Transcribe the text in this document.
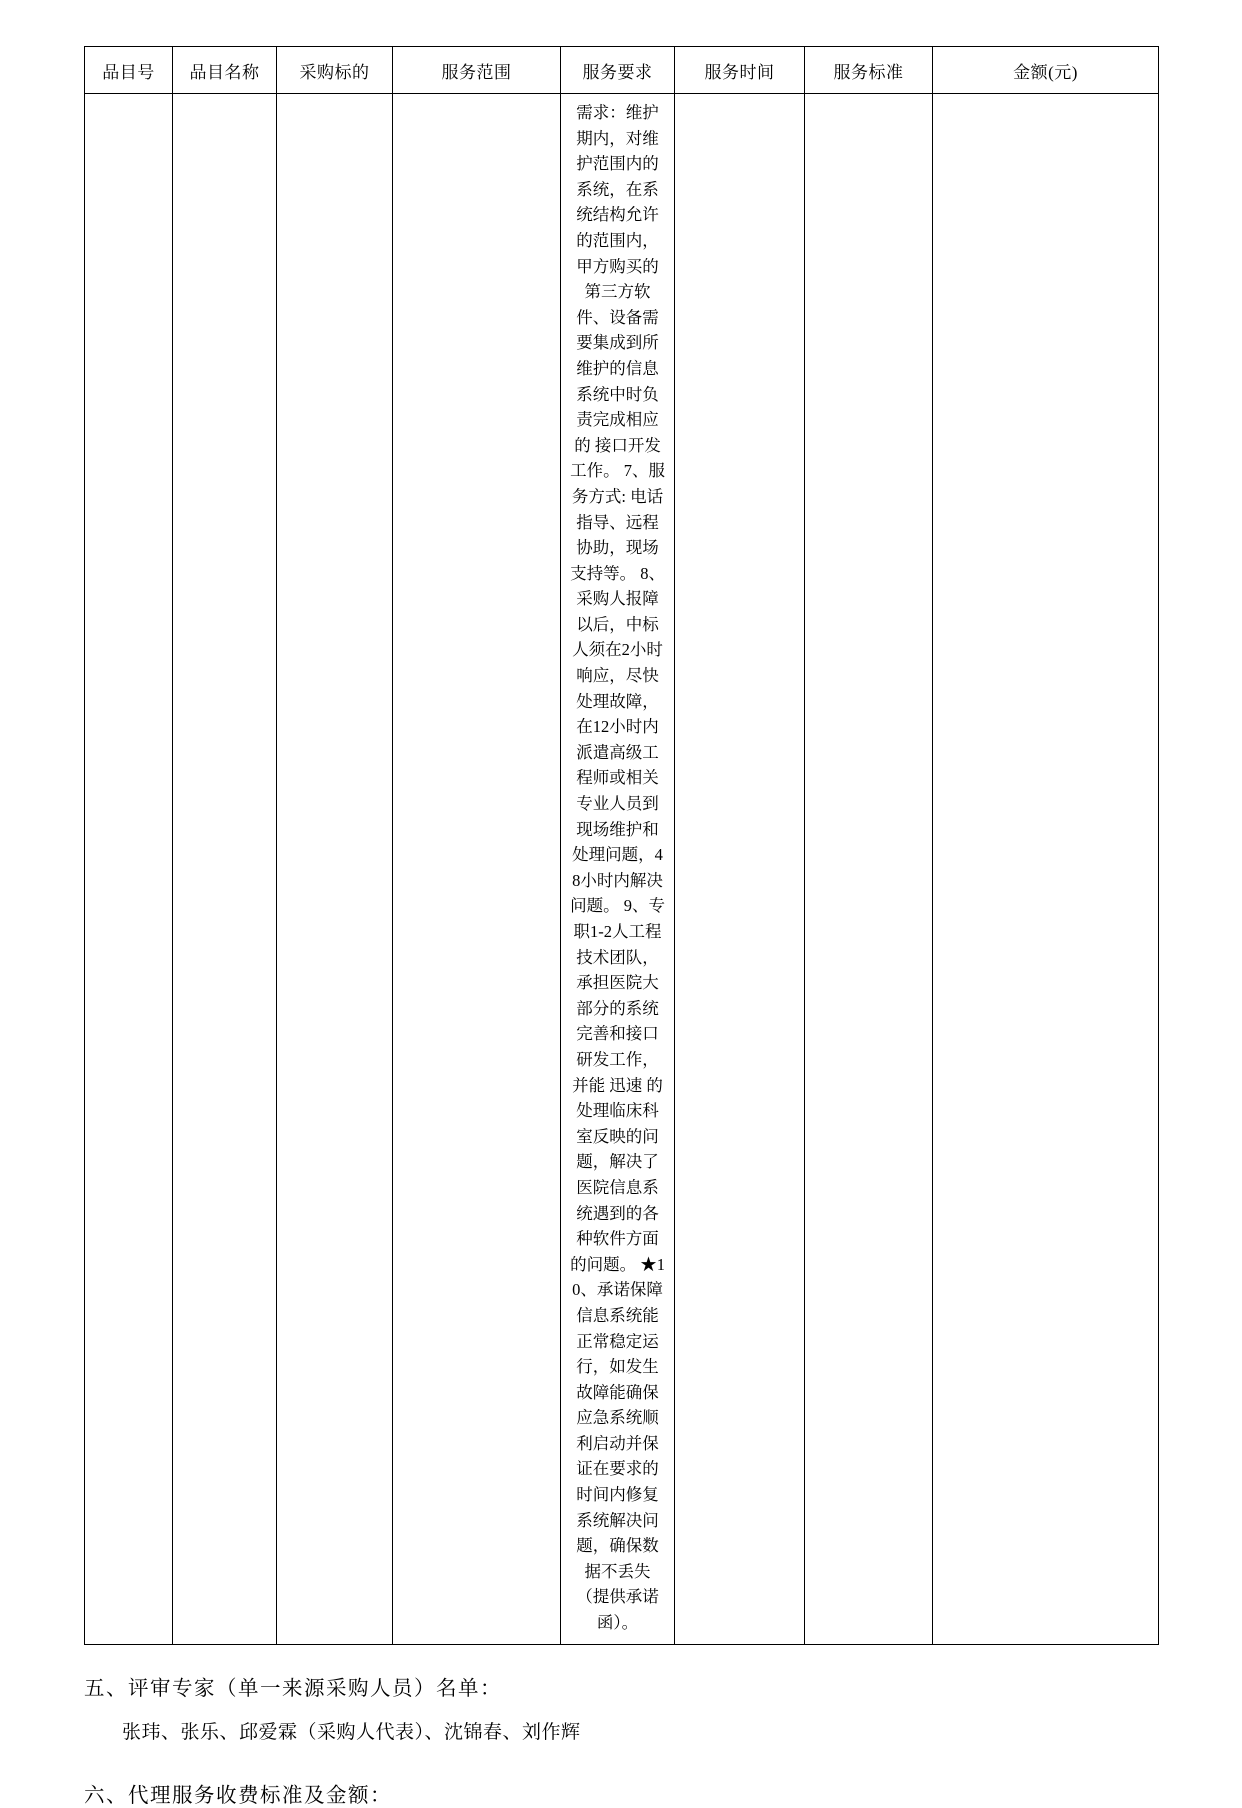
品目号	品目名称	采购标的	服务范围	服务要求	服务时间	服务标准	金额(元)

				需求：维护期内，对维护范围内的系统，在系统结构允许的范围内，甲方购买的第三方软件、设备需要集成到所维护的信息系统中时负责完成相应的 接口开发工作。 7、服务方式: 电话指导、远程协助，现场支持等。 8、采购人报障以后，中标人须在2小时响应，尽快处理故障，在12小时内派遣高级工程师或相关专业人员到现场维护和处理问题，48小时内解决问题。 9、专职1-2人工程技术团队，承担医院大部分的系统完善和接口研发工作，并能 迅速 的处理临床科室反映的问题，解决了医院信息系统遇到的各种软件方面的问题。 ★10、承诺保障信息系统能正常稳定运行，如发生故障能确保应急系统顺利启动并保 证在要求的时间内修复系统解决问题，确保数据不丢失（提供承诺函）。			

五、评审专家（单一来源采购人员）名单：
张玮、张乐、邱爱霖（采购人代表）、沈锦春、刘作辉
六、代理服务收费标准及金额：
